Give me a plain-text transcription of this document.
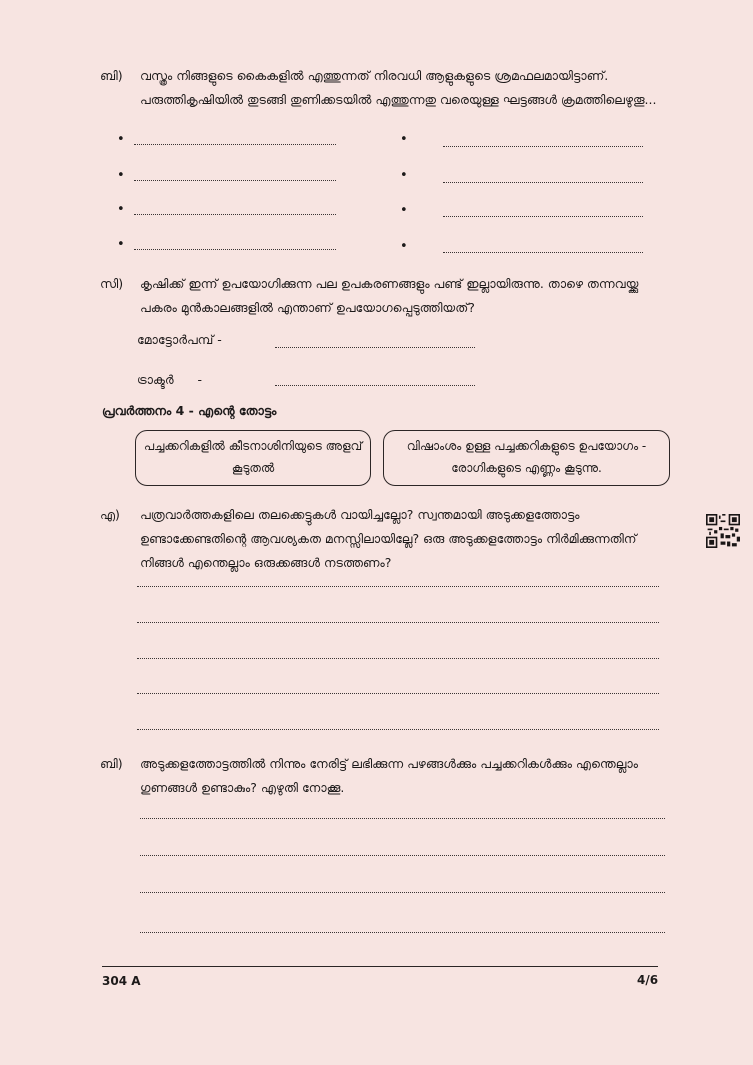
ബി) വസ്ത്രം നിങ്ങളുടെ കൈകളിൽ എത്തുന്നത് നിരവധി ആളുകളുടെ ശ്രമഫലമായിട്ടാണ്. പരുത്തികൃഷിയിൽ തുടങ്ങി തുണിക്കടയിൽ എത്തുന്നതു വരെയുള്ള ഘട്ടങ്ങൾ ക്രമത്തിലെഴുതൂ...
•	•
•	•
•	•
•	•
സി) കൃഷിക്ക് ഇന്ന് ഉപയോഗിക്കുന്ന പല ഉപകരണങ്ങളും പണ്ട് ഇല്ലായിരുന്നു. താഴെ തന്നവയ്ക്കു പകരം മുൻകാലങ്ങളിൽ എന്താണ് ഉപയോഗപ്പെടുത്തിയത്?
മോട്ടോർപമ്പ് -
ട്രാക്ടർ      -
പ്രവർത്തനം 4 - എന്റെ തോട്ടം
പച്ചക്കറികളിൽ കീടനാശിനിയുടെ അളവ് കൂടുതൽ
വിഷാംശം ഉള്ള പച്ചക്കറികളുടെ ഉപയോഗം - രോഗികളുടെ എണ്ണം കൂടുന്നു.
എ) പത്രവാർത്തകളിലെ തലക്കെട്ടുകൾ വായിച്ചല്ലോ? സ്വന്തമായി അടുക്കളത്തോട്ടം ഉണ്ടാക്കേണ്ടതിന്റെ ആവശ്യകത മനസ്സിലായില്ലേ? ഒരു അടുക്കളത്തോട്ടം നിർമിക്കുന്നതിന് നിങ്ങൾ എന്തെല്ലാം ഒരുക്കങ്ങൾ നടത്തണം?
ബി) അടുക്കളത്തോട്ടത്തിൽ നിന്നും നേരിട്ട് ലഭിക്കുന്ന പഴങ്ങൾക്കും പച്ചക്കറികൾക്കും എന്തെല്ലാം ഗുണങ്ങൾ ഉണ്ടാകും? എഴുതി നോക്കൂ.
304 A	4/6
